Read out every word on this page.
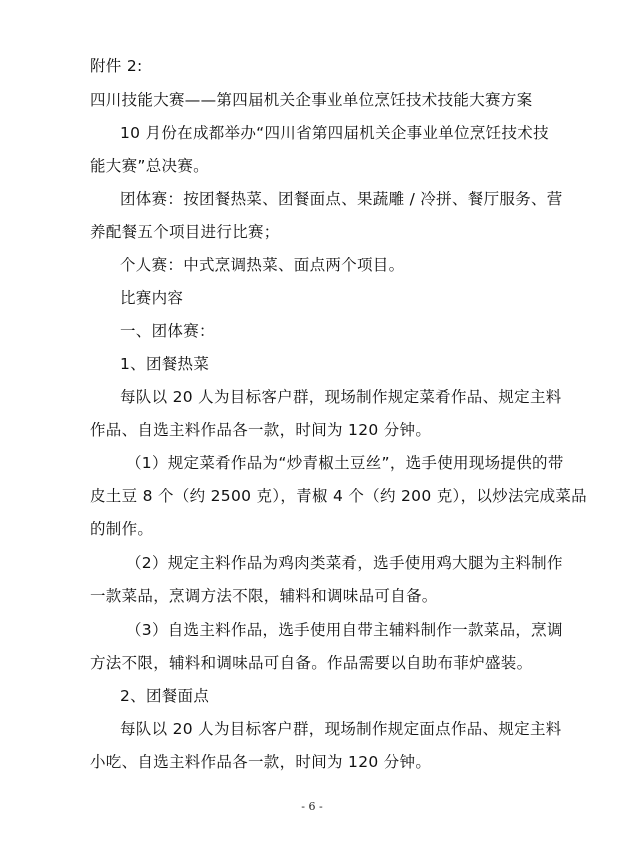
附件 2:
四川技能大赛——第四届机关企事业单位烹饪技术技能大赛方案
10 月份在成都举办“四川省第四届机关企事业单位烹饪技术技
能大赛”总决赛。
团体赛：按团餐热菜、团餐面点、果蔬雕 / 冷拼、餐厅服务、营
养配餐五个项目进行比赛；
个人赛：中式烹调热菜、面点两个项目。
比赛内容
一、团体赛：
1、团餐热菜
每队以 20 人为目标客户群，现场制作规定菜肴作品、规定主料
作品、自选主料作品各一款，时间为 120 分钟。
（1）规定菜肴作品为“炒青椒土豆丝”，选手使用现场提供的带
皮土豆 8 个（约 2500 克），青椒 4 个（约 200 克），以炒法完成菜品
的制作。
（2）规定主料作品为鸡肉类菜肴，选手使用鸡大腿为主料制作
一款菜品，烹调方法不限，辅料和调味品可自备。
（3）自选主料作品，选手使用自带主辅料制作一款菜品，烹调
方法不限，辅料和调味品可自备。作品需要以自助布菲炉盛装。
2、团餐面点
每队以 20 人为目标客户群，现场制作规定面点作品、规定主料
小吃、自选主料作品各一款，时间为 120 分钟。
- 6 -
